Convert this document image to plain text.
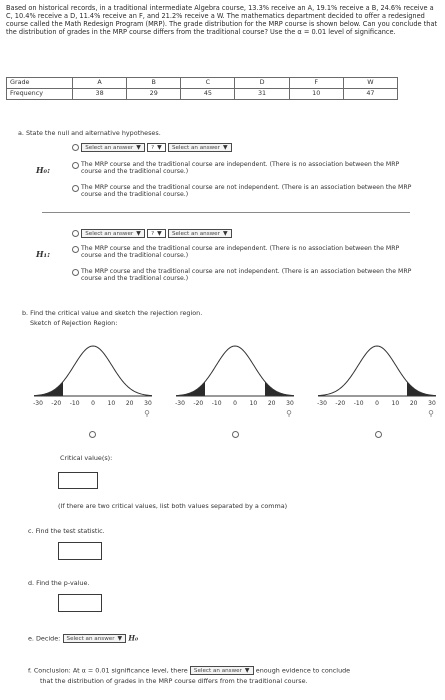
Based on historical records, in a traditional intermediate Algebra course, 13.3% receive an A, 19.1% receive a B, 24.6% receive a C, 10.4% receive a D, 11.4% receive an F, and 21.2% receive a W. The mathematics department decided to offer a redesigned course called the Math Redesign Program (MRP). The grade distribution for the MRP course is shown below. Can you conclude that the distribution of grades in the MRP course differs from the traditional course? Use the α = 0.01 level of significance.
Grade	A	B	C	D	F	W
Frequency	38	29	45	31	10	47
a. State the null and alternative hypotheses.
Select an answer ▼ ? ▼ Select an answer ▼
H₀:
The MRP course and the traditional course are independent. (There is no association between the MRP course and the traditional course.)
The MRP course and the traditional course are not independent. (There is an association between the MRP course and the traditional course.)
Select an answer ▼ ? ▼ Select an answer ▼
H₁:
The MRP course and the traditional course are independent. (There is no association between the MRP course and the traditional course.)
The MRP course and the traditional course are not independent. (There is an association between the MRP course and the traditional course.)
b. Find the critical value and sketch the rejection region.
Sketch of Rejection Region:
-30 -20 -10 0 10 20 30
⚲
-30 -20 -10 0 10 20 30
⚲
-30 -20 -10 0 10 20 30
⚲
Critical value(s):
(If there are two critical values, list both values separated by a comma)
c. Find the test statistic.
d. Find the p-value.
e. Decide: Select an answer ▼ H₀
f. Conclusion: At α = 0.01 significance level, there Select an answer ▼ enough evidence to conclude
that the distribution of grades in the MRP course differs from the traditional course.
